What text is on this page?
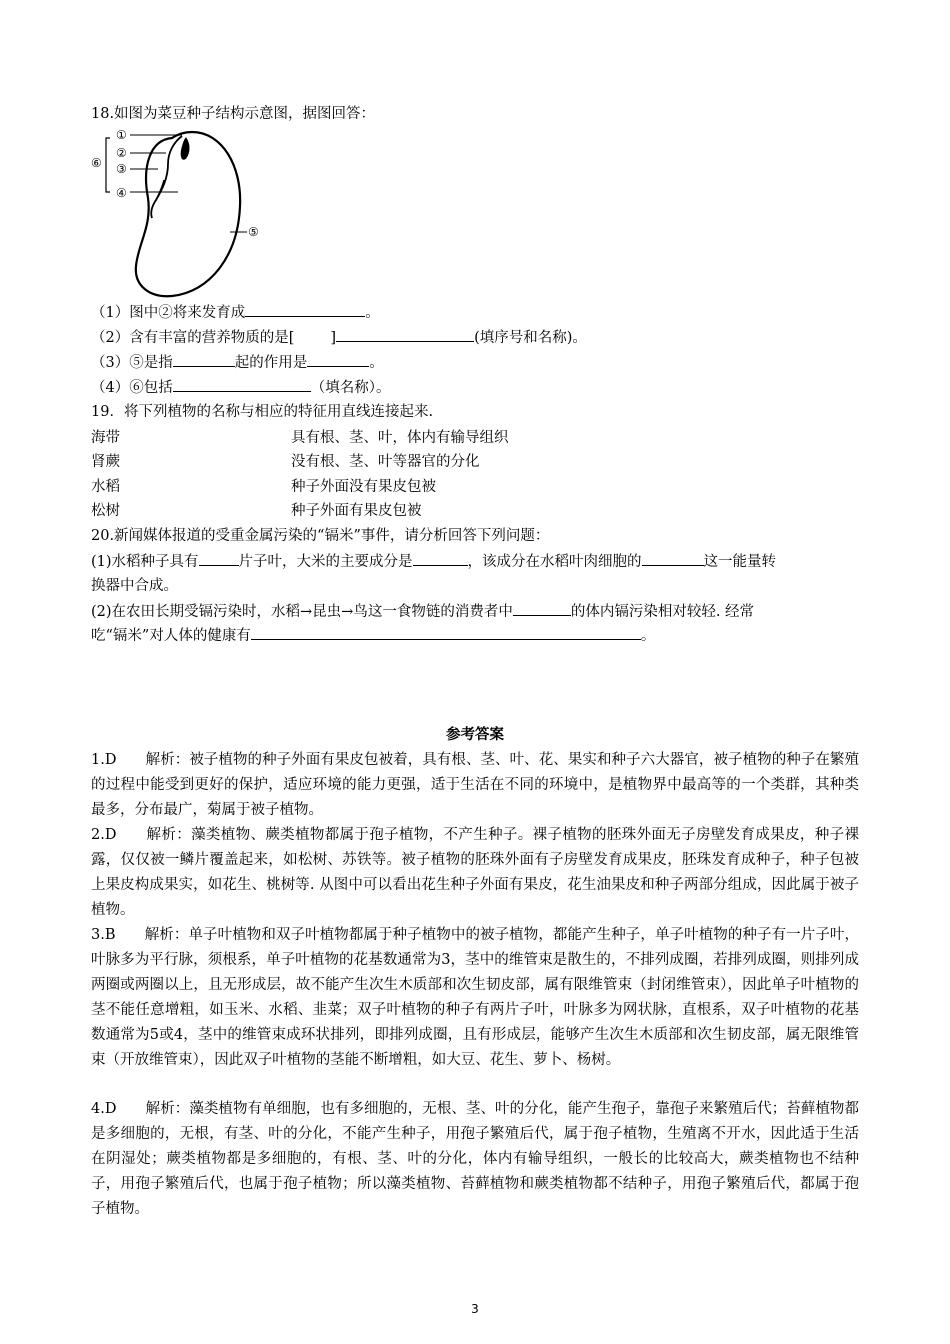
18.如图为菜豆种子结构示意图，据图回答：
①
②
③
④
⑤
⑥
（1）图中②将来发育成	。
（2）含有丰富的营养物质的是[ ]	(填序号和名称)。
（3）⑤是指	起的作用是	。
（4）⑥包括	（填名称）。
19．将下列植物的名称与相应的特征用直线连接起来.
海带	具有根、茎、叶，体内有输导组织
肾蕨	没有根、茎、叶等器官的分化
水稻	种子外面没有果皮包被
松树	种子外面有果皮包被
20.新闻媒体报道的受重金属污染的“镉米”事件，请分析回答下列问题：
(1)水稻种子具有	片子叶，大米的主要成分是	，该成分在水稻叶肉细胞的	这一能量转
换器中合成。
(2)在农田长期受镉污染时，水稻→昆虫→鸟这一食物链的消费者中	的体内镉污染相对较轻. 经常
吃“镉米”对人体的健康有	。
参考答案
1.D　　解析：被子植物的种子外面有果皮包被着，具有根、茎、叶、花、果实和种子六大器官，被子植物的种子在繁殖的过程中能受到更好的保护，适应环境的能力更强，适于生活在不同的环境中，是植物界中最高等的一个类群，其种类最多，分布最广，菊属于被子植物。
2.D　　解析：藻类植物、蕨类植物都属于孢子植物，不产生种子。裸子植物的胚珠外面无子房壁发育成果皮，种子裸露，仅仅被一鳞片覆盖起来，如松树、苏铁等。被子植物的胚珠外面有子房壁发育成果皮，胚珠发育成种子，种子包被上果皮构成果实，如花生、桃树等. 从图中可以看出花生种子外面有果皮，花生油果皮和种子两部分组成，因此属于被子植物。
3.B　　解析：单子叶植物和双子叶植物都属于种子植物中的被子植物，都能产生种子，单子叶植物的种子有一片子叶，叶脉多为平行脉，须根系，单子叶植物的花基数通常为3，茎中的维管束是散生的，不排列成圈，若排列成圈，则排列成两圈或两圈以上，且无形成层，故不能产生次生木质部和次生韧皮部，属有限维管束（封闭维管束），因此单子叶植物的茎不能任意增粗，如玉米、水稻、韭菜；双子叶植物的种子有两片子叶，叶脉多为网状脉，直根系，双子叶植物的花基数通常为5或4，茎中的维管束成环状排列，即排列成圈，且有形成层，能够产生次生木质部和次生韧皮部，属无限维管束（开放维管束），因此双子叶植物的茎能不断增粗，如大豆、花生、萝卜、杨树。
4.D　　解析：藻类植物有单细胞，也有多细胞的，无根、茎、叶的分化，能产生孢子，靠孢子来繁殖后代；苔藓植物都是多细胞的，无根，有茎、叶的分化，不能产生种子，用孢子繁殖后代，属于孢子植物，生殖离不开水，因此适于生活在阴湿处；蕨类植物都是多细胞的，有根、茎、叶的分化，体内有输导组织，一般长的比较高大，蕨类植物也不结种子，用孢子繁殖后代，也属于孢子植物；所以藻类植物、苔藓植物和蕨类植物都不结种子，用孢子繁殖后代，都属于孢子植物。
3
